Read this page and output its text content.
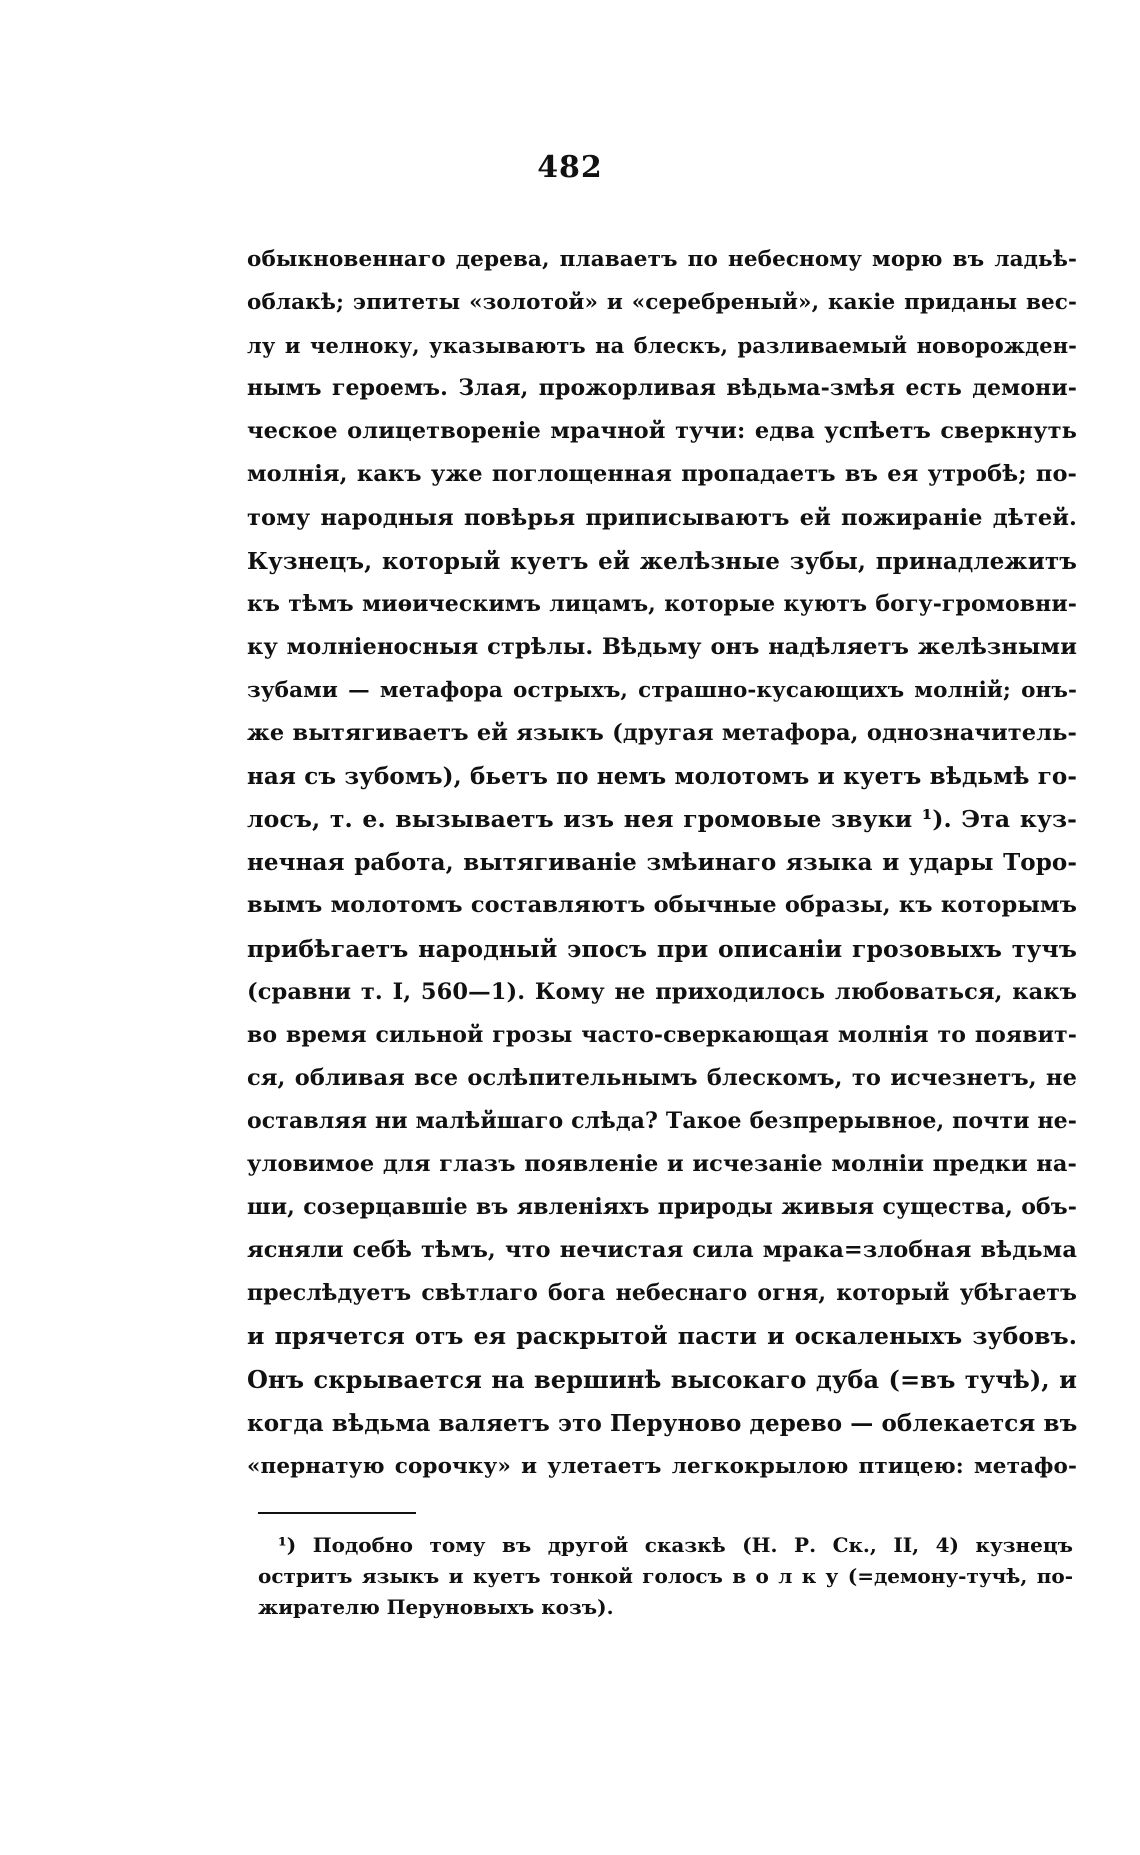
482
обыкновеннаго дерева, плаваетъ по небесному морю въ ладьѣ-
облакѣ; эпитеты «золотой» и «серебреный», какіе приданы вес-
лу и челноку, указываютъ на блескъ, разливаемый новорожден-
нымъ героемъ. Злая, прожорливая вѣдьма-змѣя есть демони-
ческое олицетвореніе мрачной тучи: едва успѣетъ сверкнуть
молнія, какъ уже поглощенная пропадаетъ въ ея утробѣ; по-
тому народныя повѣрья приписываютъ ей пожираніе дѣтей.
Кузнецъ, который куетъ ей желѣзные зубы, принадлежитъ
къ тѣмъ миѳическимъ лицамъ, которые куютъ богу-громовни-
ку молніеносныя стрѣлы. Вѣдьму онъ надѣляетъ желѣзными
зубами — метафора острыхъ, страшно-кусающихъ молній; онъ-
же вытягиваетъ ей языкъ (другая метафора, однозначитель-
ная съ зубомъ), бьетъ по немъ молотомъ и куетъ вѣдьмѣ го-
лосъ, т. е. вызываетъ изъ нея громовые звуки ¹). Эта куз-
нечная работа, вытягиваніе змѣинаго языка и удары Торо-
вымъ молотомъ составляютъ обычные образы, къ которымъ
прибѣгаетъ народный эпосъ при описаніи грозовыхъ тучъ
(сравни т. I, 560—1). Кому не приходилось любоваться, какъ
во время сильной грозы часто-сверкающая молнія то появит-
ся, обливая все ослѣпительнымъ блескомъ, то исчезнетъ, не
оставляя ни малѣйшаго слѣда? Такое безпрерывное, почти не-
уловимое для глазъ появленіе и исчезаніе молніи предки на-
ши, созерцавшіе въ явленіяхъ природы живыя существа, объ-
ясняли себѣ тѣмъ, что нечистая сила мрака=злобная вѣдьма
преслѣдуетъ свѣтлаго бога небеснаго огня, который убѣгаетъ
и прячется отъ ея раскрытой пасти и оскаленыхъ зубовъ.
Онъ скрывается на вершинѣ высокаго дуба (=въ тучѣ), и
когда вѣдьма валяетъ это Перуново дерево — облекается въ
«пернатую сорочку» и улетаетъ легкокрылою птицею: метафо-
¹) Подобно тому въ другой сказкѣ (Н. Р. Ск., II, 4) кузнецъ
остритъ языкъ и куетъ тонкой голосъ в о л к у (=демону-тучѣ, по-
жирателю Перуновыхъ козъ).
